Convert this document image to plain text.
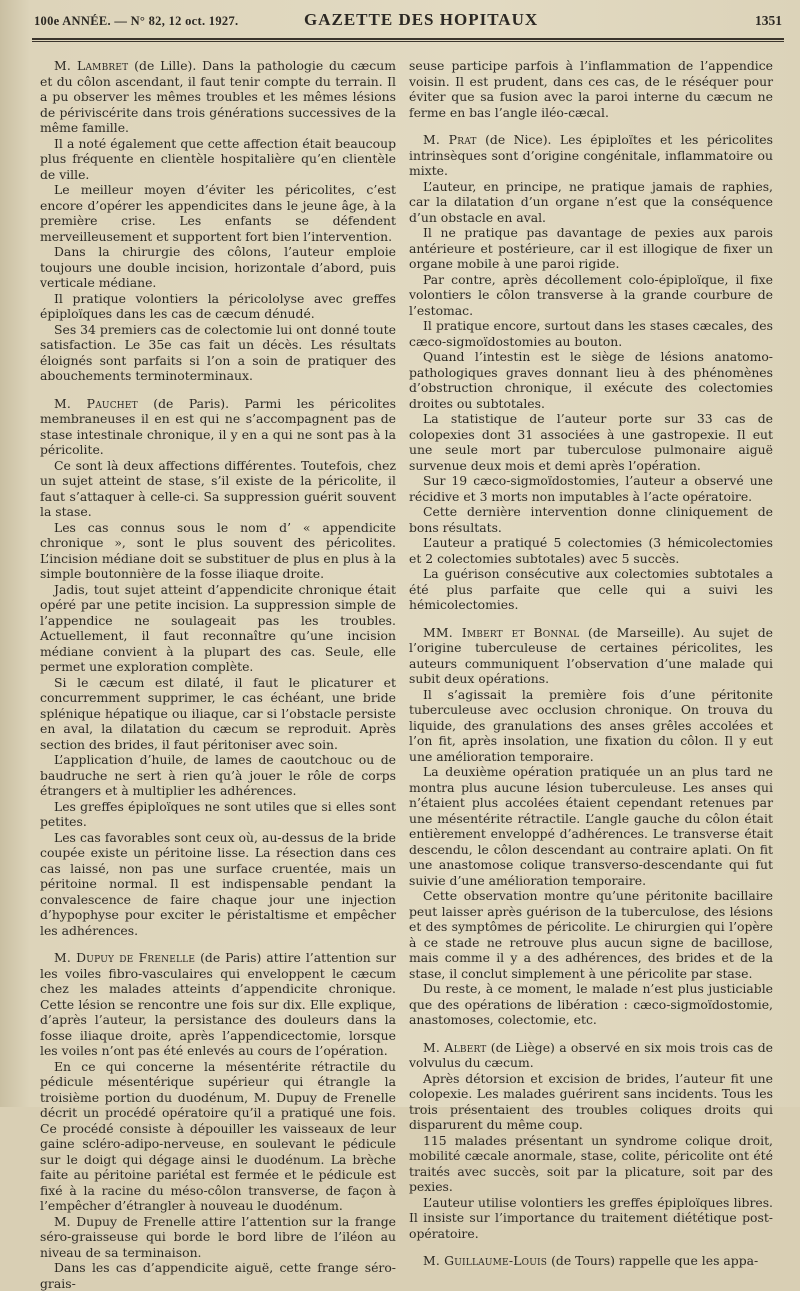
100e ANNÉE. — N° 82, 12 oct. 1927.	GAZETTE DES HOPITAUX	1351

M. Lambret (de Lille). Dans la pathologie du cæcum et du côlon ascendant, il faut tenir compte du terrain. Il a pu observer les mêmes troubles et les mêmes lésions de périviscérite dans trois générations successives de la même famille.

Il a noté également que cette affection était beaucoup plus fréquente en clientèle hospitalière qu’en clientèle de ville.

Le meilleur moyen d’éviter les péricolites, c’est encore d’opérer les appendicites dans le jeune âge, à la première crise. Les enfants se défendent merveilleusement et supportent fort bien l’intervention.

Dans la chirurgie des côlons, l’auteur emploie toujours une double incision, horizontale d’abord, puis verticale médiane.

Il pratique volontiers la péricololyse avec greffes épiploïques dans les cas de cæcum dénudé.

Ses 34 premiers cas de colectomie lui ont donné toute satisfaction. Le 35e cas fait un décès. Les résultats éloignés sont parfaits si l’on a soin de pratiquer des abouchements terminoterminaux.

M. Pauchet (de Paris). Parmi les péricolites membraneuses il en est qui ne s’accompagnent pas de stase intestinale chronique, il y en a qui ne sont pas à la péricolite.

Ce sont là deux affections différentes. Toutefois, chez un sujet atteint de stase, s’il existe de la péricolite, il faut s’attaquer à celle-ci. Sa suppression guérit souvent la stase.

Les cas connus sous le nom d’ « appendicite chronique », sont le plus souvent des péricolites. L’incision médiane doit se substituer de plus en plus à la simple boutonnière de la fosse iliaque droite.

Jadis, tout sujet atteint d’appendicite chronique était opéré par une petite incision. La suppression simple de l’appendice ne soulageait pas les troubles. Actuellement, il faut reconnaître qu’une incision médiane convient à la plupart des cas. Seule, elle permet une exploration complète.

Si le cæcum est dilaté, il faut le plicaturer et concurremment supprimer, le cas échéant, une bride splénique hépatique ou iliaque, car si l’obstacle persiste en aval, la dilatation du cæcum se reproduit. Après section des brides, il faut péritoniser avec soin.

L’application d’huile, de lames de caoutchouc ou de baudruche ne sert à rien qu’à jouer le rôle de corps étrangers et à multiplier les adhérences.

Les greffes épiploïques ne sont utiles que si elles sont petites.

Les cas favorables sont ceux où, au-dessus de la bride coupée existe un péritoine lisse. La résection dans ces cas laissé, non pas une surface cruentée, mais un péritoine normal. Il est indispensable pendant la convalescence de faire chaque jour une injection d’hypophyse pour exciter le péristaltisme et empêcher les adhérences.

M. Dupuy de Frenelle (de Paris) attire l’attention sur les voiles fibro-vasculaires qui enveloppent le cæcum chez les malades atteints d’appendicite chronique. Cette lésion se rencontre une fois sur dix. Elle explique, d’après l’auteur, la persistance des douleurs dans la fosse iliaque droite, après l’appendicectomie, lorsque les voiles n’ont pas été enlevés au cours de l’opération.

En ce qui concerne la mésentérite rétractile du pédicule mésentérique supérieur qui étrangle la troisième portion du duodénum, M. Dupuy de Frenelle décrit un procédé opératoire qu’il a pratiqué une fois. Ce procédé consiste à dépouiller les vaisseaux de leur gaine scléro-adipo-nerveuse, en soulevant le pédicule sur le doigt qui dégage ainsi le duodénum. La brèche faite au péritoine pariétal est fermée et le pédicule est fixé à la racine du méso-côlon transverse, de façon à l’empêcher d’étrangler à nouveau le duodénum.

M. Dupuy de Frenelle attire l’attention sur la frange séro-graisseuse qui borde le bord libre de l’iléon au niveau de sa terminaison.

Dans les cas d’appendicite aiguë, cette frange séro-grais-

seuse participe parfois à l’inflammation de l’appendice voisin. Il est prudent, dans ces cas, de le réséquer pour éviter que sa fusion avec la paroi interne du cæcum ne ferme en bas l’angle iléo-cæcal.

M. Prat (de Nice). Les épiploïtes et les péricolites intrinsèques sont d’origine congénitale, inflammatoire ou mixte.

L’auteur, en principe, ne pratique jamais de raphies, car la dilatation d’un organe n’est que la conséquence d’un obstacle en aval.

Il ne pratique pas davantage de pexies aux parois antérieure et postérieure, car il est illogique de fixer un organe mobile à une paroi rigide.

Par contre, après décollement colo-épiploïque, il fixe volontiers le côlon transverse à la grande courbure de l’estomac.

Il pratique encore, surtout dans les stases cæcales, des cæco-sigmoïdostomies au bouton.

Quand l’intestin est le siège de lésions anatomo-pathologiques graves donnant lieu à des phénomènes d’obstruction chronique, il exécute des colectomies droites ou subtotales.

La statistique de l’auteur porte sur 33 cas de colopexies dont 31 associées à une gastropexie. Il eut une seule mort par tuberculose pulmonaire aiguë survenue deux mois et demi après l’opération.

Sur 19 cæco-sigmoïdostomies, l’auteur a observé une récidive et 3 morts non imputables à l’acte opératoire.

Cette dernière intervention donne cliniquement de bons résultats.

L’auteur a pratiqué 5 colectomies (3 hémicolectomies et 2 colectomies subtotales) avec 5 succès.

La guérison consécutive aux colectomies subtotales a été plus parfaite que celle qui a suivi les hémicolectomies.

MM. Imbert et Bonnal (de Marseille). Au sujet de l’origine tuberculeuse de certaines péricolites, les auteurs communiquent l’observation d’une malade qui subit deux opérations.

Il s’agissait la première fois d’une péritonite tuberculeuse avec occlusion chronique. On trouva du liquide, des granulations des anses grêles accolées et l’on fit, après insolation, une fixation du côlon. Il y eut une amélioration temporaire.

La deuxième opération pratiquée un an plus tard ne montra plus aucune lésion tuberculeuse. Les anses qui n’étaient plus accolées étaient cependant retenues par une mésentérite rétractile. L’angle gauche du côlon était entièrement enveloppé d’adhérences. Le transverse était descendu, le côlon descendant au contraire aplati. On fit une anastomose colique transverso-descendante qui fut suivie d’une amélioration temporaire.

Cette observation montre qu’une péritonite bacillaire peut laisser après guérison de la tuberculose, des lésions et des symptômes de péricolite. Le chirurgien qui l’opère à ce stade ne retrouve plus aucun signe de bacillose, mais comme il y a des adhérences, des brides et de la stase, il conclut simplement à une péricolite par stase.

Du reste, à ce moment, le malade n’est plus justiciable que des opérations de libération : cæco-sigmoïdostomie, anastomoses, colectomie, etc.

M. Albert (de Liège) a observé en six mois trois cas de volvulus du cæcum.

Après détorsion et excision de brides, l’auteur fit une colopexie. Les malades guérirent sans incidents. Tous les trois présentaient des troubles coliques droits qui disparurent du même coup.

115 malades présentant un syndrome colique droit, mobilité cæcale anormale, stase, colite, péricolite ont été traités avec succès, soit par la plicature, soit par des pexies.

L’auteur utilise volontiers les greffes épiploïques libres. Il insiste sur l’importance du traitement diététique post-opératoire.

M. Guillaume-Louis (de Tours) rappelle que les appa-
